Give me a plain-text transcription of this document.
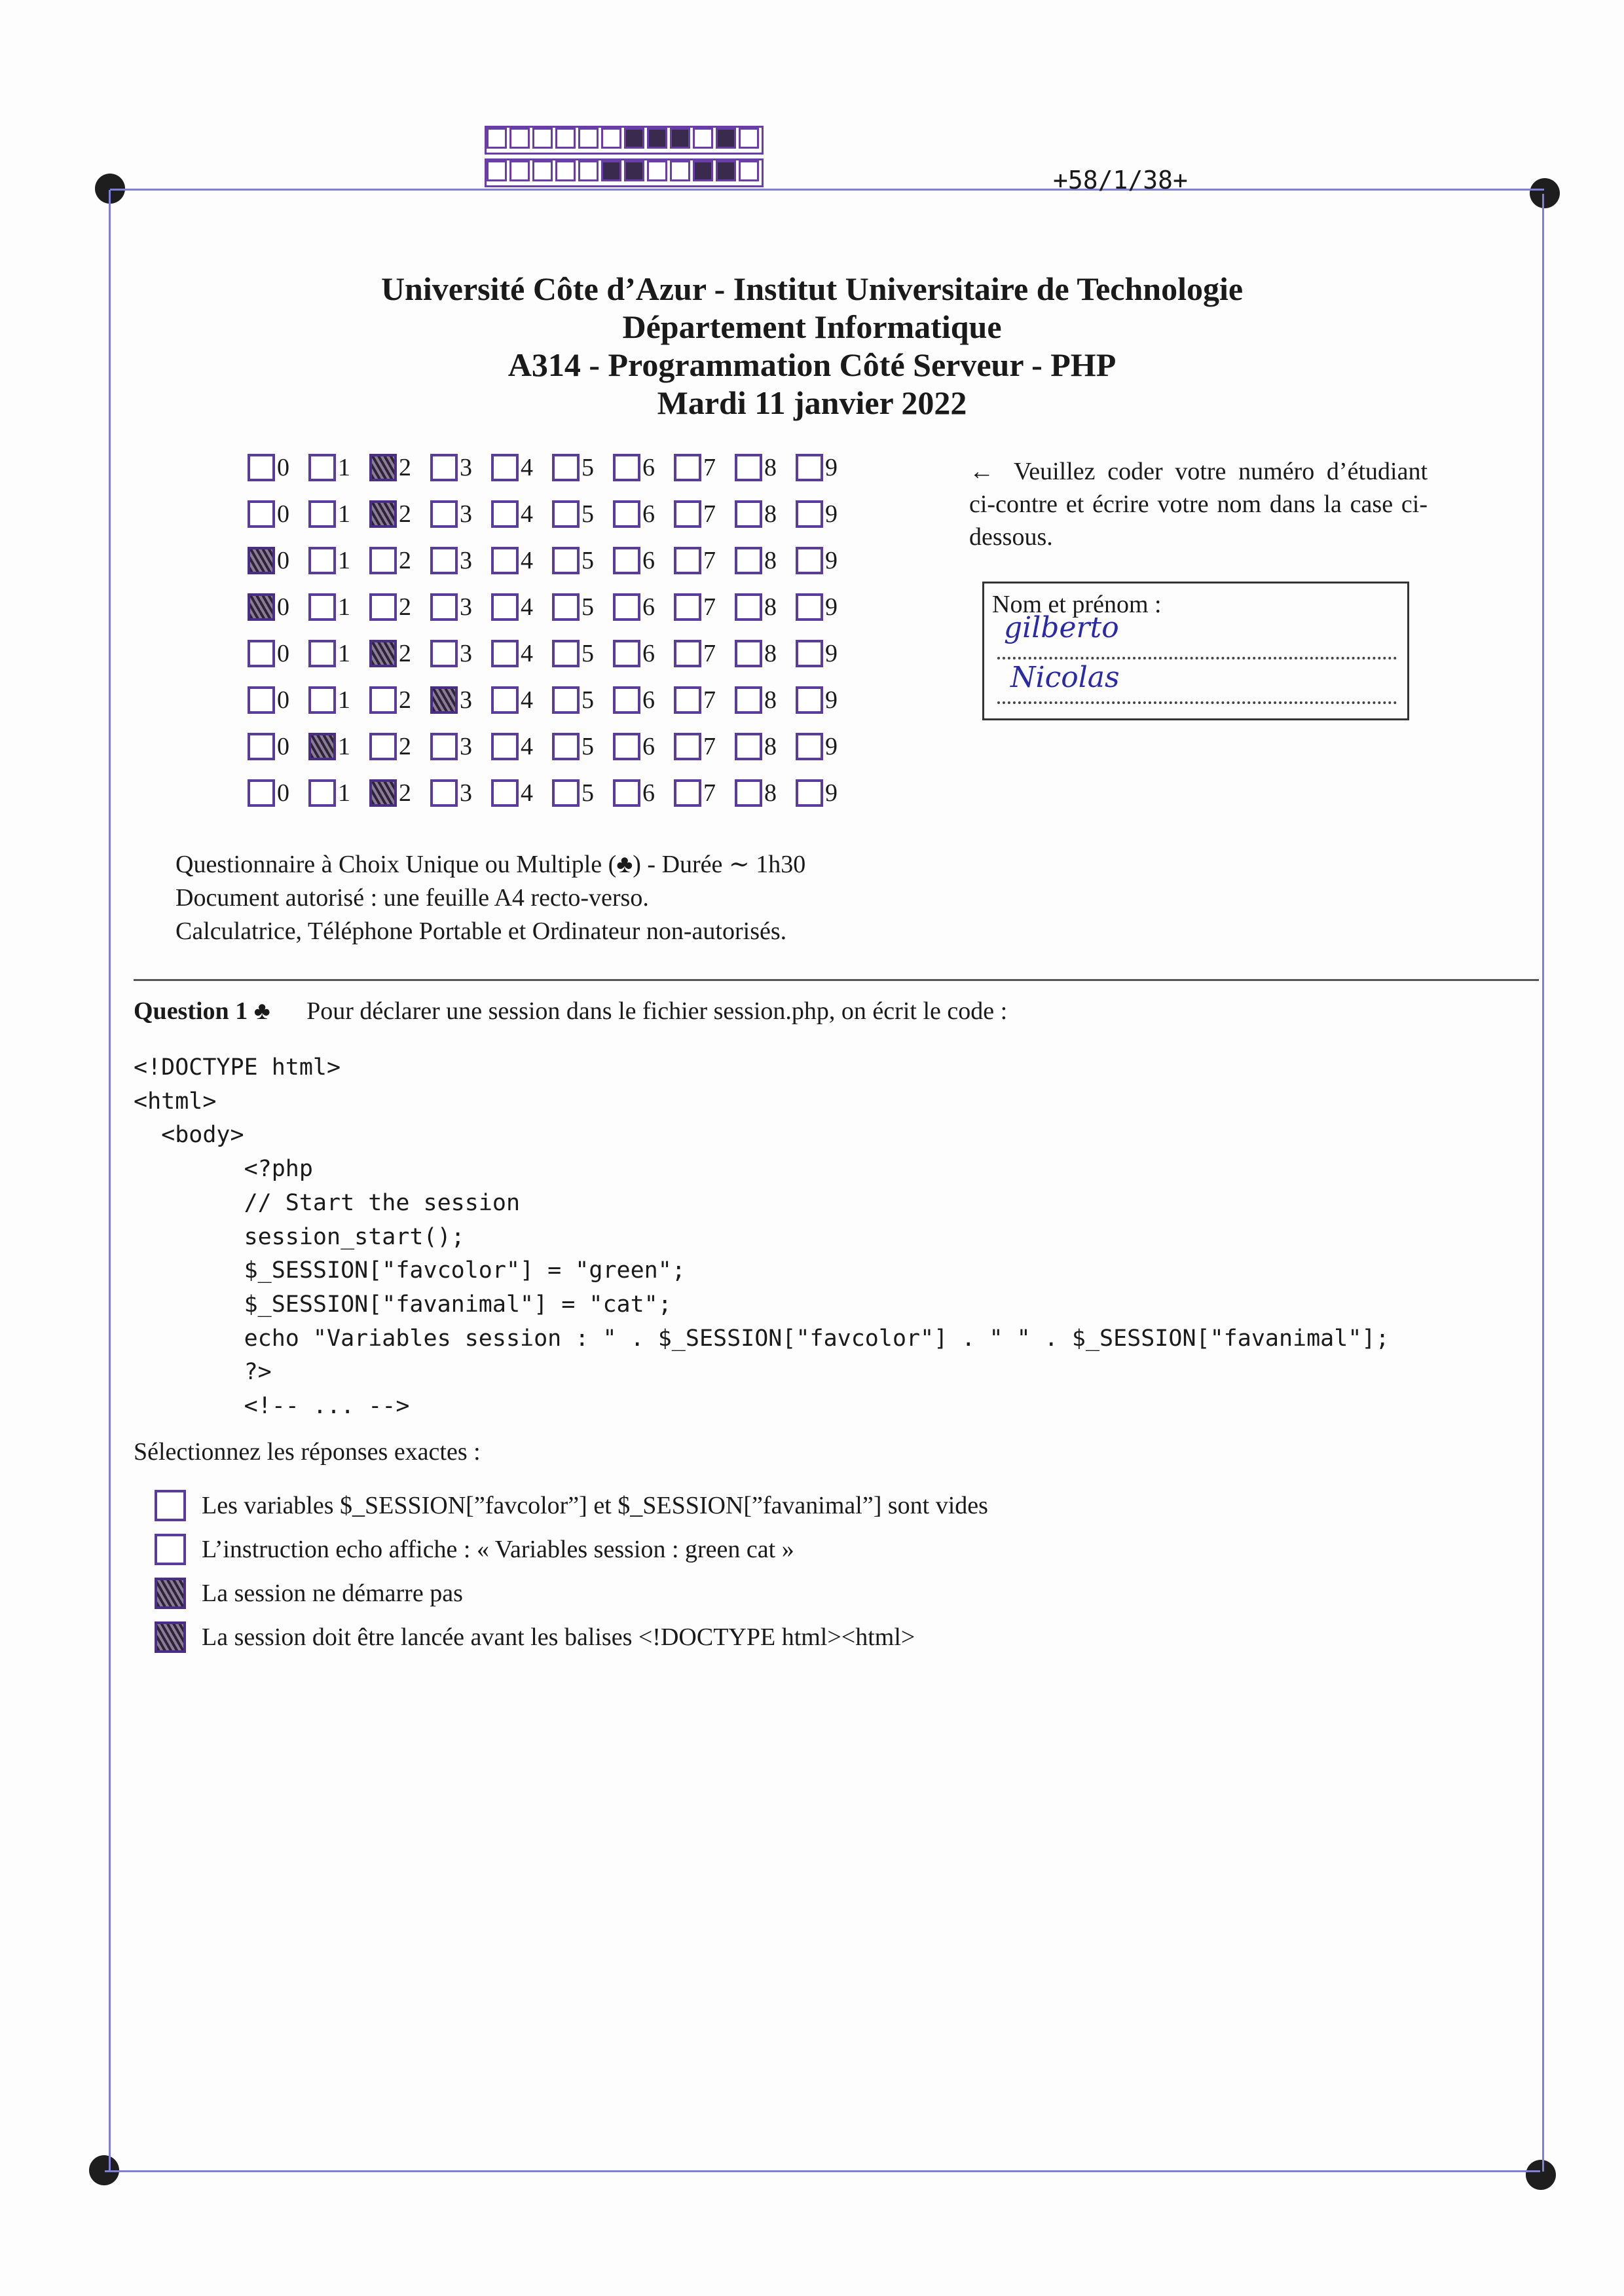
+58/1/38+
Université Côte d’Azur - Institut Universitaire de Technologie
Département Informatique
A314 - Programmation Côté Serveur - PHP
Mardi 11 janvier 2022
0 1 2 3 4 5 6 7 8 9
0 1 2 3 4 5 6 7 8 9
0 1 2 3 4 5 6 7 8 9
0 1 2 3 4 5 6 7 8 9
0 1 2 3 4 5 6 7 8 9
0 1 2 3 4 5 6 7 8 9
0 1 2 3 4 5 6 7 8 9
0 1 2 3 4 5 6 7 8 9
← Veuillez coder votre numéro d’étudiant ci-contre et écrire votre nom dans la case ci-dessous.
Nom et prénom :
gilberto
Nicolas
Questionnaire à Choix Unique ou Multiple (♣) - Durée ∼ 1h30
Document autorisé : une feuille A4 recto-verso.
Calculatrice, Téléphone Portable et Ordinateur non-autorisés.
Question 1 ♣ Pour déclarer une session dans le fichier session.php, on écrit le code :
<!DOCTYPE html>
<html>
<body>
<?php
// Start the session
session_start();
$_SESSION["favcolor"] = "green";
$_SESSION["favanimal"] = "cat";
echo "Variables session : " . $_SESSION["favcolor"] . " " . $_SESSION["favanimal"];
?>
<!-- ... -->
Sélectionnez les réponses exactes :
Les variables $_SESSION[”favcolor”] et $_SESSION[”favanimal”] sont vides
L’instruction echo affiche : « Variables session : green cat »
La session ne démarre pas
La session doit être lancée avant les balises <!DOCTYPE html><html>
